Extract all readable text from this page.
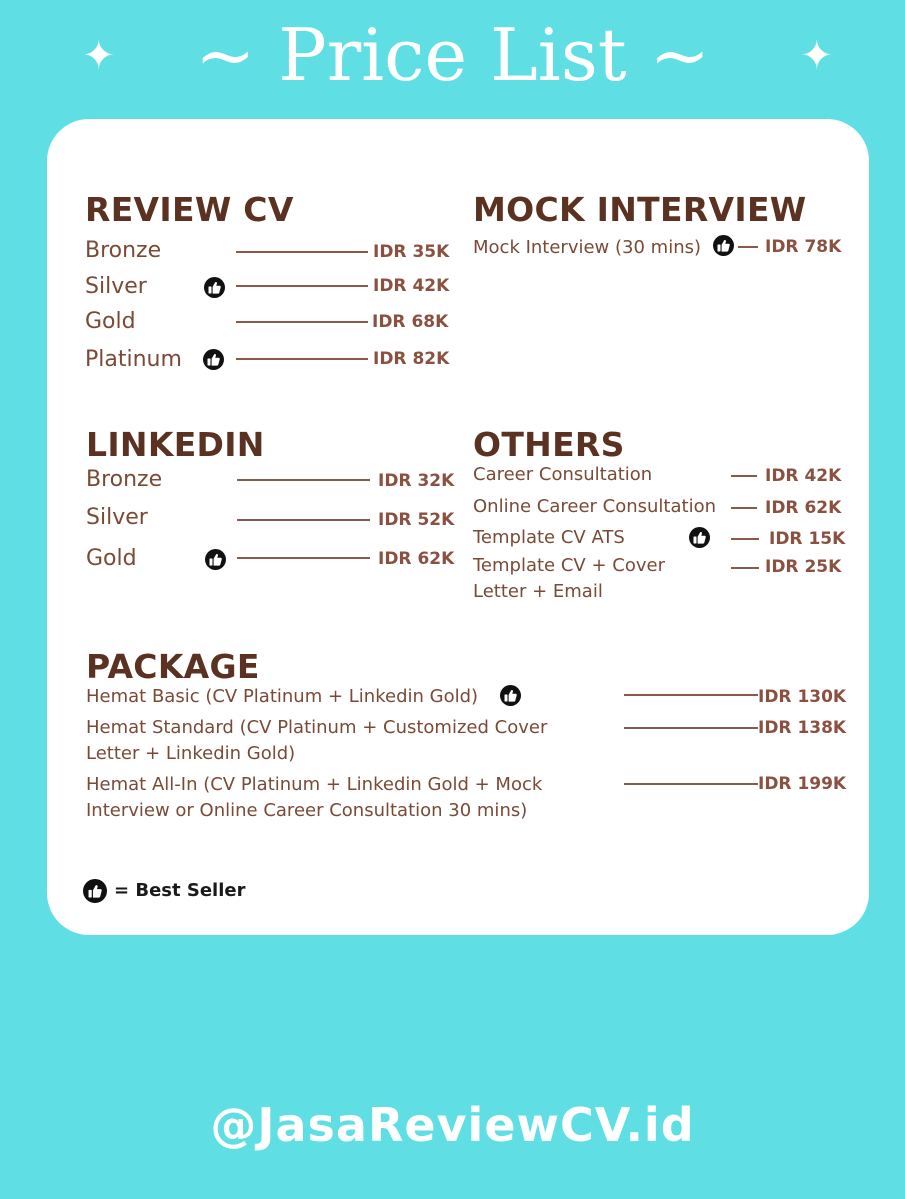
✦	~ Price List ~	✦
REVIEW CV
Bronze	IDR 35K
Silver	IDR 42K
Gold	IDR 68K
Platinum	IDR 82K
MOCK INTERVIEW
Mock Interview (30 mins)	IDR 78K
LINKEDIN
Bronze	IDR 32K
Silver	IDR 52K
Gold	IDR 62K
OTHERS
Career Consultation	IDR 42K
Online Career Consultation	IDR 62K
Template CV ATS	IDR 15K
Template CV + Cover
Letter + Email
IDR 25K
PACKAGE
Hemat Basic (CV Platinum + Linkedin Gold)	IDR 130K
Hemat Standard (CV Platinum + Customized Cover
Letter + Linkedin Gold)
IDR 138K
Hemat All-In (CV Platinum + Linkedin Gold + Mock
Interview or Online Career Consultation 30 mins)
IDR 199K
= Best Seller
@JasaReviewCV.id
